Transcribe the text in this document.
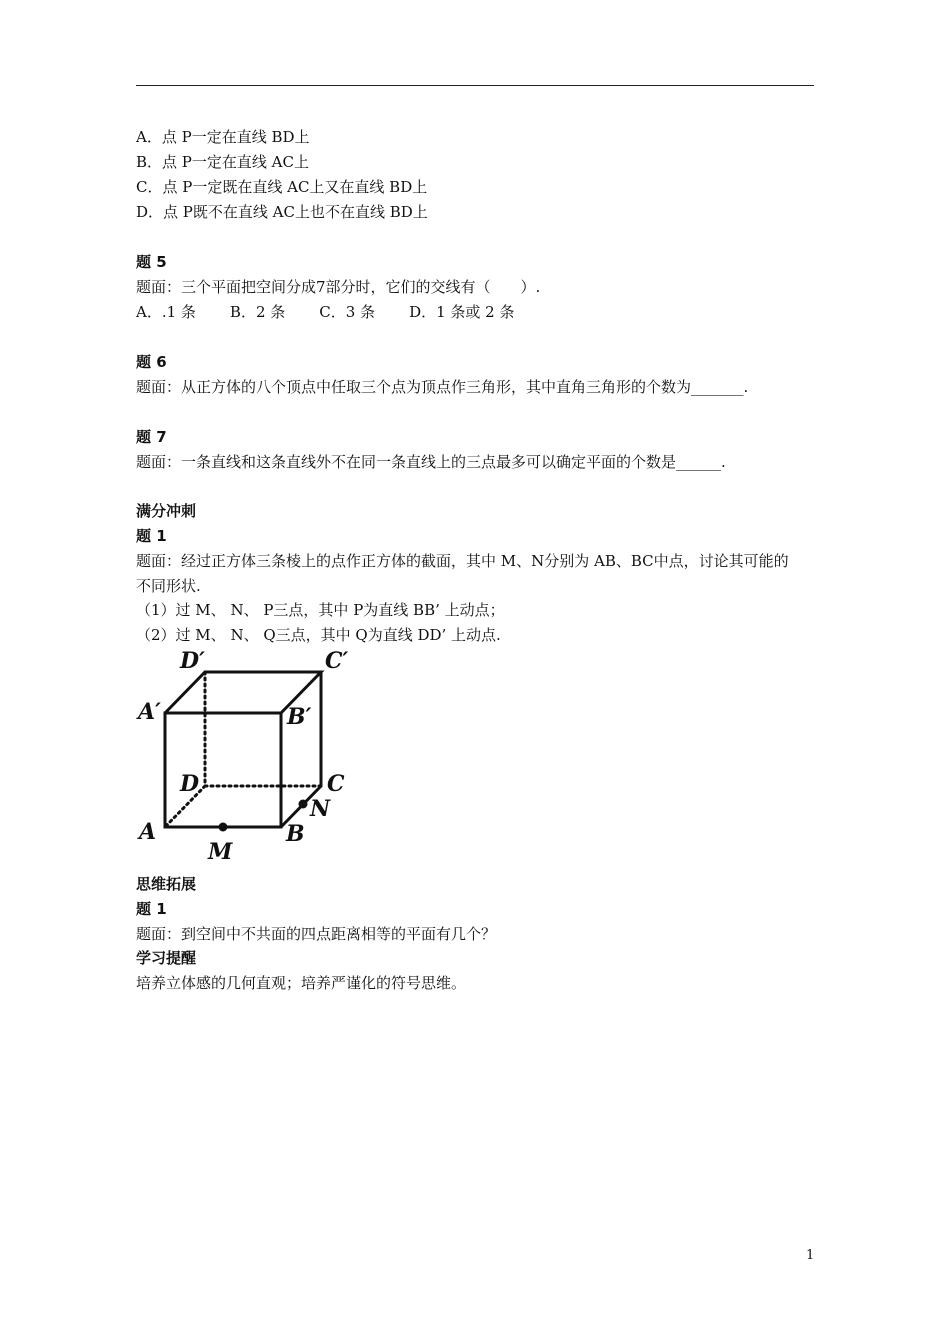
A．点 P一定在直线 BD上
B．点 P一定在直线 AC上
C．点 P一定既在直线 AC上又在直线 BD上
D．点 P既不在直线 AC上也不在直线 BD上
题 5
题面：三个平面把空间分成7部分时，它们的交线有（　　）.
A．.1 条 B．2 条 C．3 条 D．1 条或 2 条
题 6
题面：从正方体的八个顶点中任取三个点为顶点作三角形，其中直角三角形的个数为_______.
题 7
题面：一条直线和这条直线外不在同一条直线上的三点最多可以确定平面的个数是______.
满分冲刺
题 1
题面：经过正方体三条棱上的点作正方体的截面，其中 M、N分别为 AB、BC中点，讨论其可能的
不同形状.
（1）过 M、 N、 P三点，其中 P为直线 BB’ 上动点；
（2）过 M、 N、 Q三点，其中 Q为直线 DD’ 上动点.
D′	C′
A′	B′
D	C
A	B
N
M
思维拓展
题 1
题面：到空间中不共面的四点距离相等的平面有几个？
学习提醒
培养立体感的几何直观；培养严谨化的符号思维。
1
